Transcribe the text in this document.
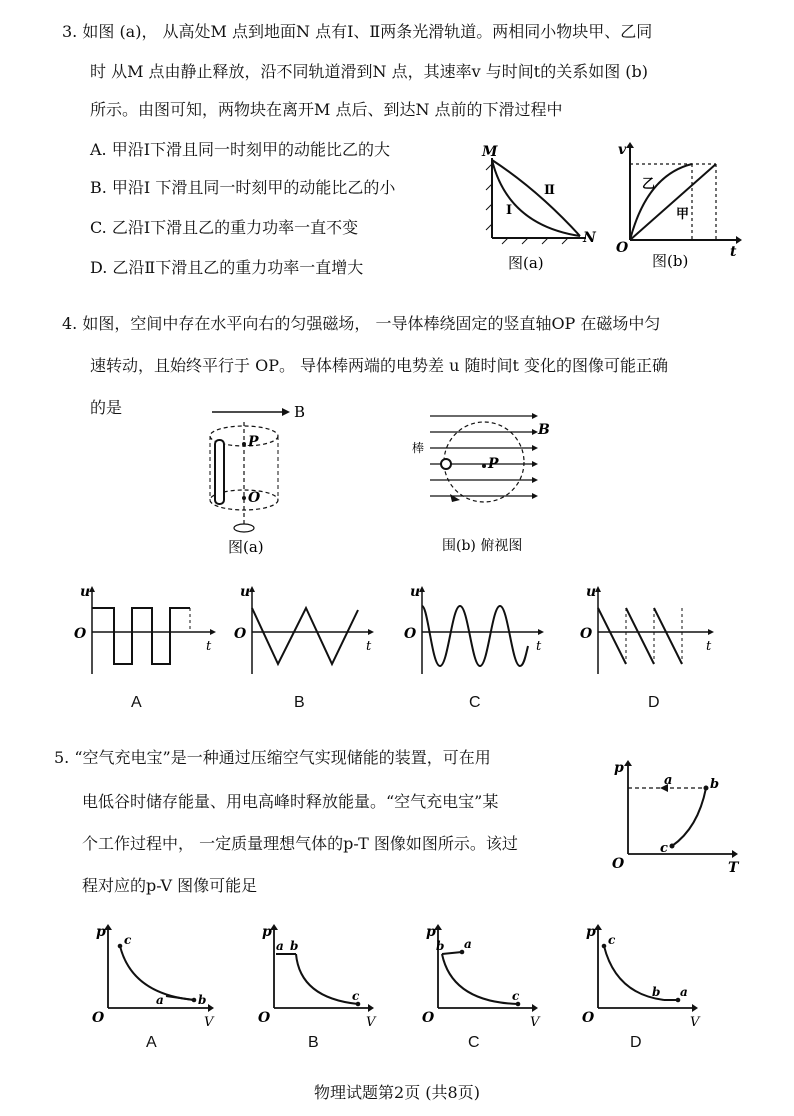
3. 如图 (a)， 从高处M 点到地面N 点有Ⅰ、Ⅱ两条光滑轨道。两相同小物块甲、乙同
时 从M 点由静止释放，沿不同轨道滑到N 点，其速率v 与时间t的关系如图 (b)
所示。由图可知，两物块在离开M 点后、到达N 点前的下滑过程中
A. 甲沿Ⅰ下滑且同一时刻甲的动能比乙的大
B. 甲沿Ⅰ 下滑且同一时刻甲的动能比乙的小
C. 乙沿Ⅰ下滑且乙的重力功率一直不变
D. 乙沿Ⅱ下滑且乙的重力功率一直增大
M
N
Ⅰ
Ⅱ
图(a)
v
t
O
乙
甲
图(b)
4. 如图，空间中存在水平向右的匀强磁场， 一导体棒绕固定的竖直轴OP 在磁场中匀
速转动，且始终平行于 OP。 导体棒两端的电势差 u 随时间t 变化的图像可能正确
的是	B
P
O
图(a)
B
P
棒
围(b) 俯视图
u
O
t
u
O
t
u
O
t
u
O
t
A	B	C	D
5. “空气充电宝”是一种通过压缩空气实现储能的装置，可在用
电低谷时储存能量、用电高峰时释放能量。“空气充电宝”某
个工作过程中， 一定质量理想气体的p-T 图像如图所示。该过
程对应的p-V 图像可能足
p
T
O
a	b
c
p
O	V
c
a	b
p
O	V
a b
c
p
O	V
b a
c
p
O	V
c
b a
A	B	C	D
物理试题第2页 (共8页)
